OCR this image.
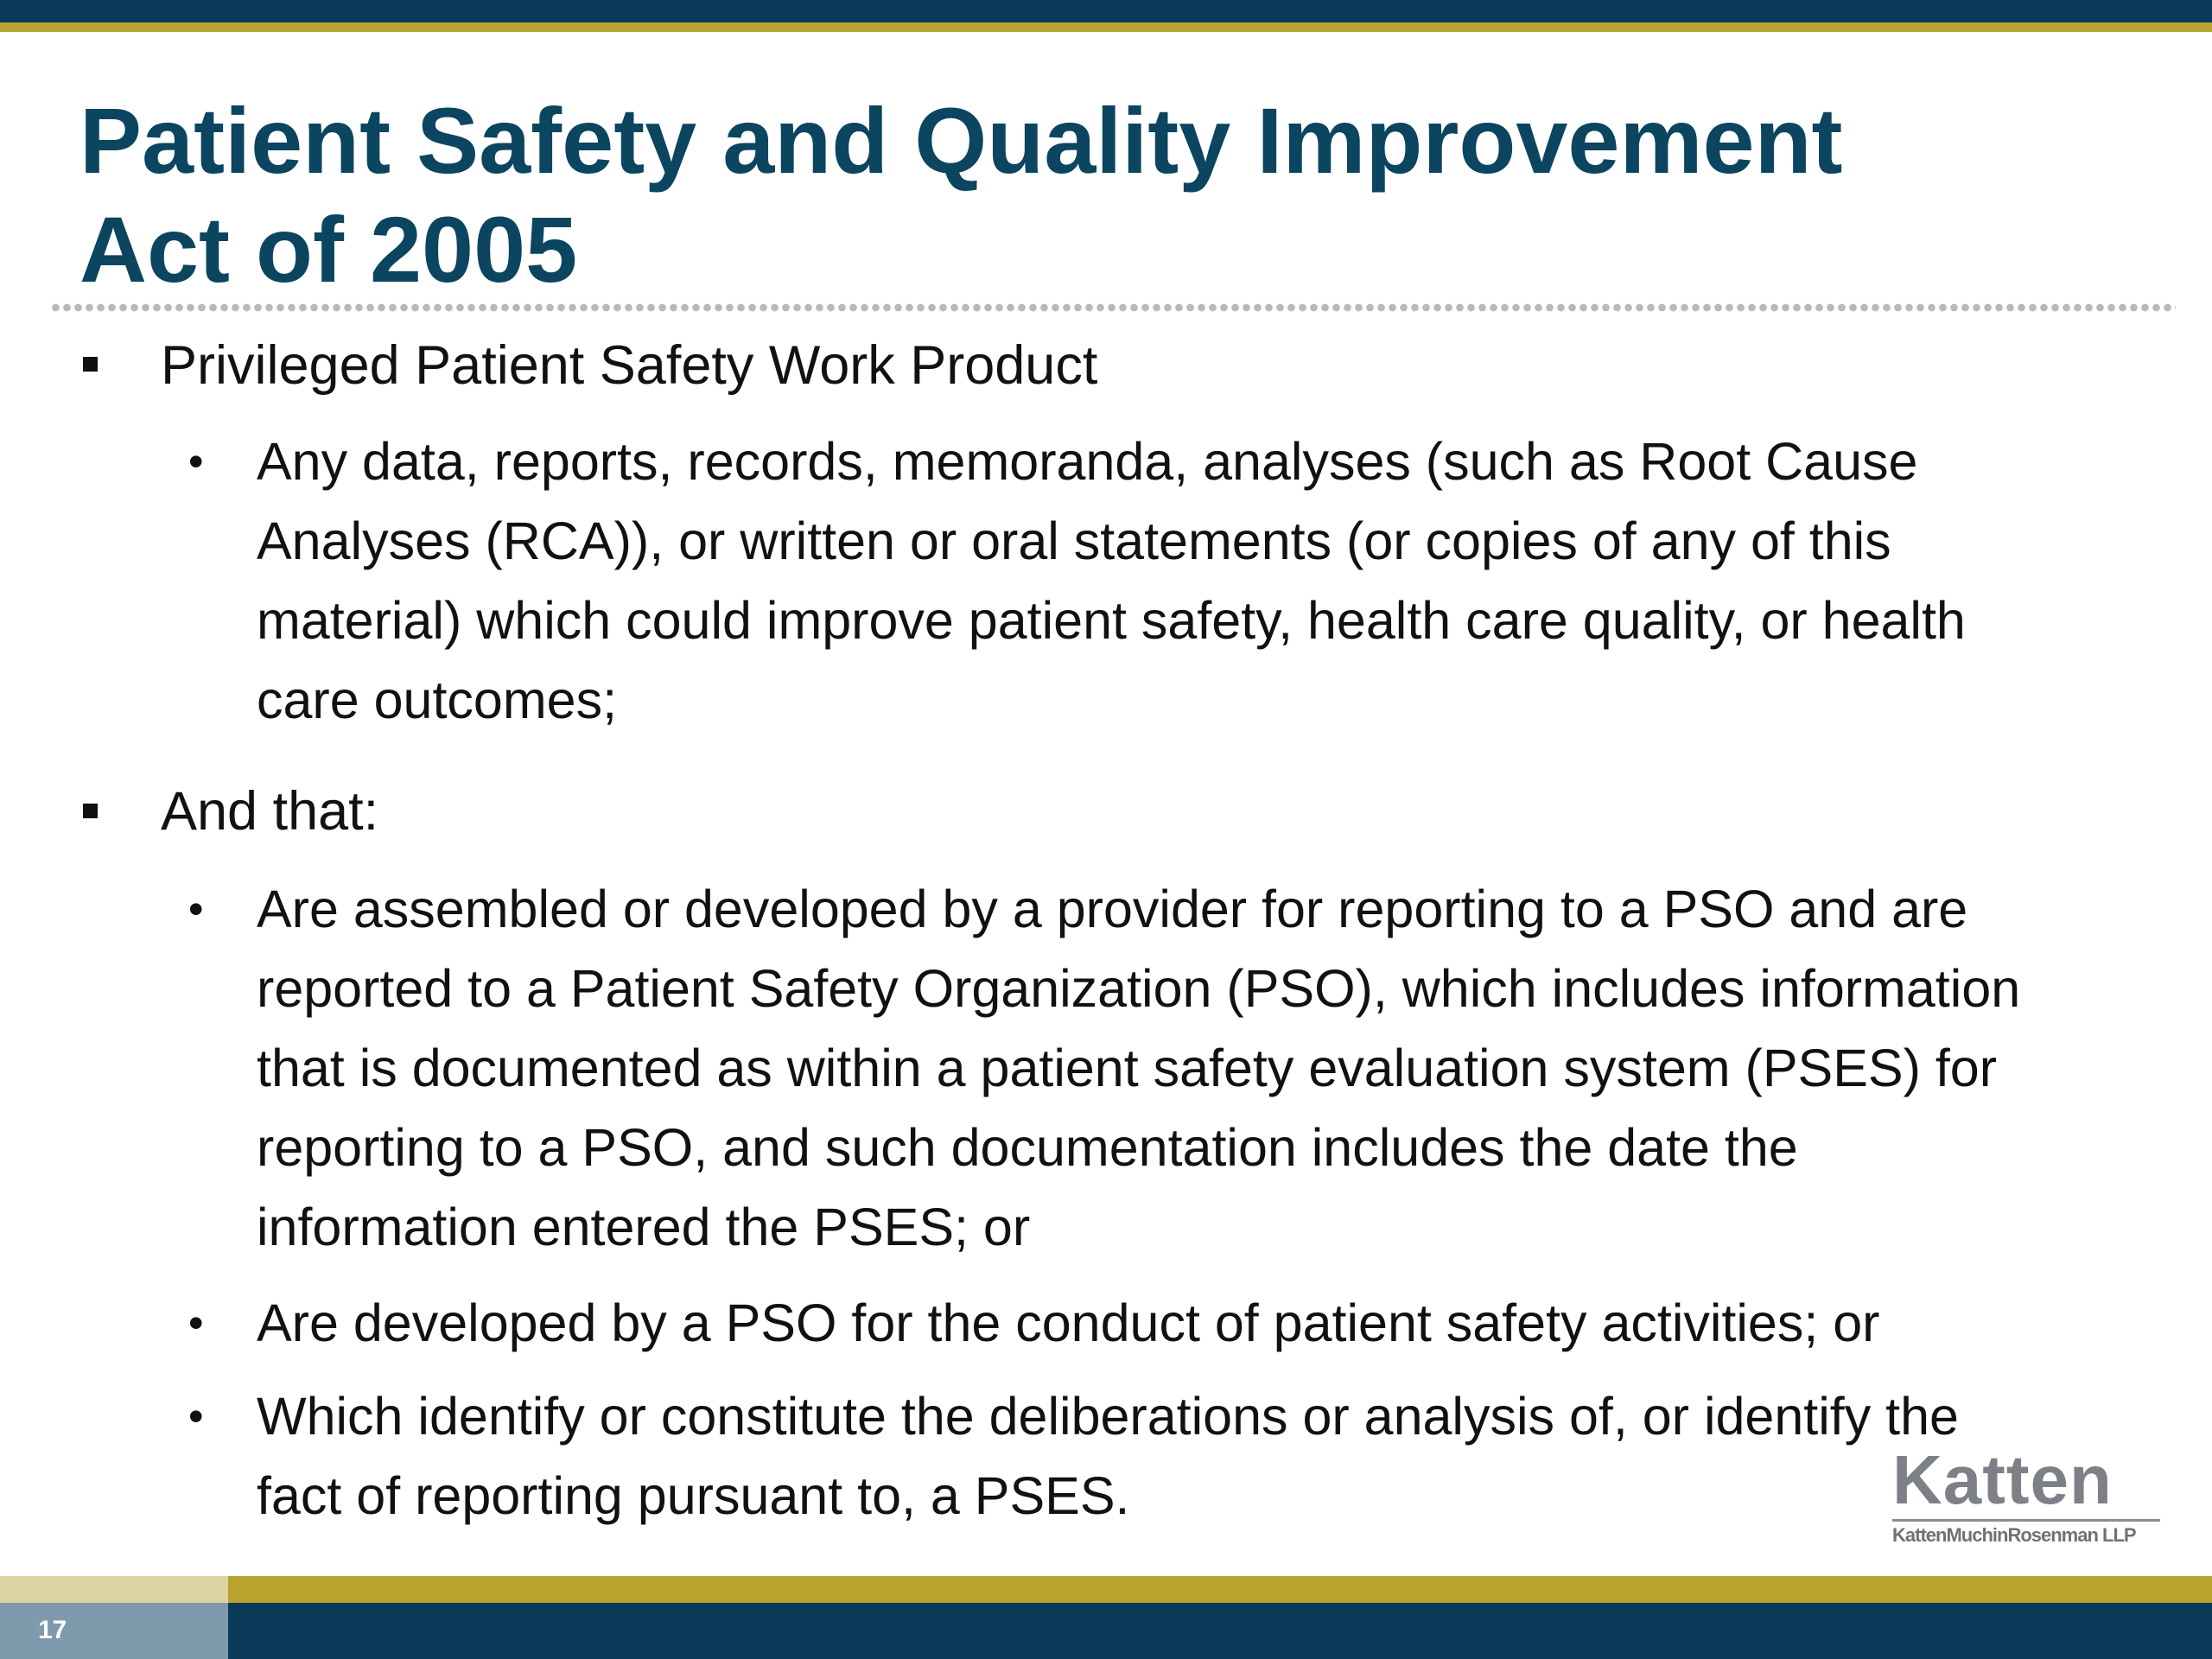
Patient Safety and Quality Improvement
Act of 2005
Privileged Patient Safety Work Product
• Any data, reports, records, memoranda, analyses (such as Root Cause
Analyses (RCA)), or written or oral statements (or copies of any of this
material) which could improve patient safety, health care quality, or health
care outcomes;
And that:
• Are assembled or developed by a provider for reporting to a PSO and are
reported to a Patient Safety Organization (PSO), which includes information
that is documented as within a patient safety evaluation system (PSES) for
reporting to a PSO, and such documentation includes the date the
information entered the PSES; or
• Are developed by a PSO for the conduct of patient safety activities; or
• Which identify or constitute the deliberations or analysis of, or identify the
fact of reporting pursuant to, a PSES.	Katten
KattenMuchinRosenman LLP
17
